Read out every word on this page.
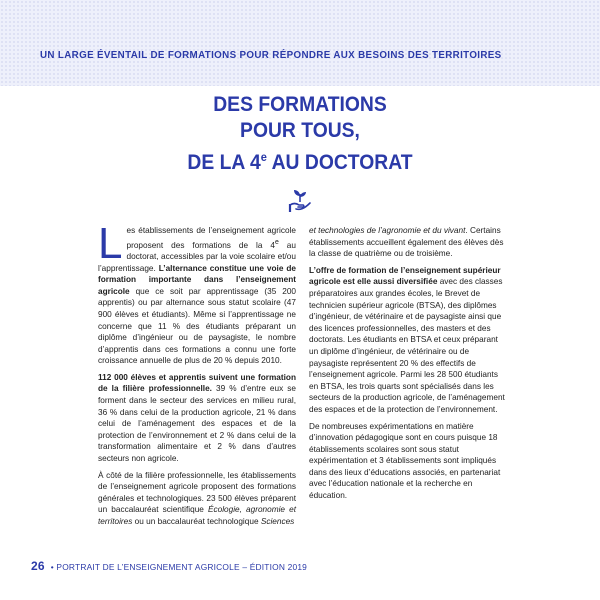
UN LARGE ÉVENTAIL DE FORMATIONS POUR RÉPONDRE AUX BESOINS DES TERRITOIRES
DES FORMATIONS
POUR TOUS,
DE LA 4e AU DOCTORAT

Les établissements de l’enseignement agricole proposent des formations de la 4e au doctorat, accessibles par la voie scolaire et/ou l’apprentissage. L’alternance constitue une voie de formation importante dans l’enseignement agricole que ce soit par apprentissage (35 200 apprentis) ou par alternance sous statut scolaire (47 900 élèves et étudiants). Même si l’apprentissage ne concerne que 11 % des étudiants préparant un diplôme d’ingénieur ou de paysagiste, le nombre d’apprentis dans ces formations a connu une forte croissance annuelle de plus de 20 % depuis 2010.

112 000 élèves et apprentis suivent une formation de la filière professionnelle. 39 % d’entre eux se forment dans le secteur des services en milieu rural, 36 % dans celui de la production agricole, 21 % dans celui de l’aménagement des espaces et de la protection de l’environnement et 2 % dans celui de la transformation alimentaire et 2 % dans d’autres secteurs non agricole.

À côté de la filière professionnelle, les établissements de l’enseignement agricole proposent des formations générales et technologiques. 23 500 élèves préparent un baccalauréat scientifique Écologie, agronomie et territoires ou un baccalauréat technologique Sciences

et technologies de l’agronomie et du vivant. Certains établissements accueillent également des élèves dès la classe de quatrième ou de troisième.

L’offre de formation de l’enseignement supérieur agricole est elle aussi diversifiée avec des classes préparatoires aux grandes écoles, le Brevet de technicien supérieur agricole (BTSA), des diplômes d’ingénieur, de vétérinaire et de paysagiste ainsi que des licences professionnelles, des masters et des doctorats. Les étudiants en BTSA et ceux préparant un diplôme d’ingénieur, de vétérinaire ou de paysagiste représentent 20 % des effectifs de l’enseignement agricole. Parmi les 28 500 étudiants en BTSA, les trois quarts sont spécialisés dans les secteurs de la production agricole, de l’aménagement des espaces et de la protection de l’environnement.

De nombreuses expérimentations en matière d’innovation pédagogique sont en cours puisque 18 établissements scolaires sont sous statut expérimentation et 3 établissements sont impliqués dans des lieux d’éducations associés, en partenariat avec l’éducation nationale et la recherche en éducation.

26 • PORTRAIT DE L’ENSEIGNEMENT AGRICOLE – ÉDITION 2019
